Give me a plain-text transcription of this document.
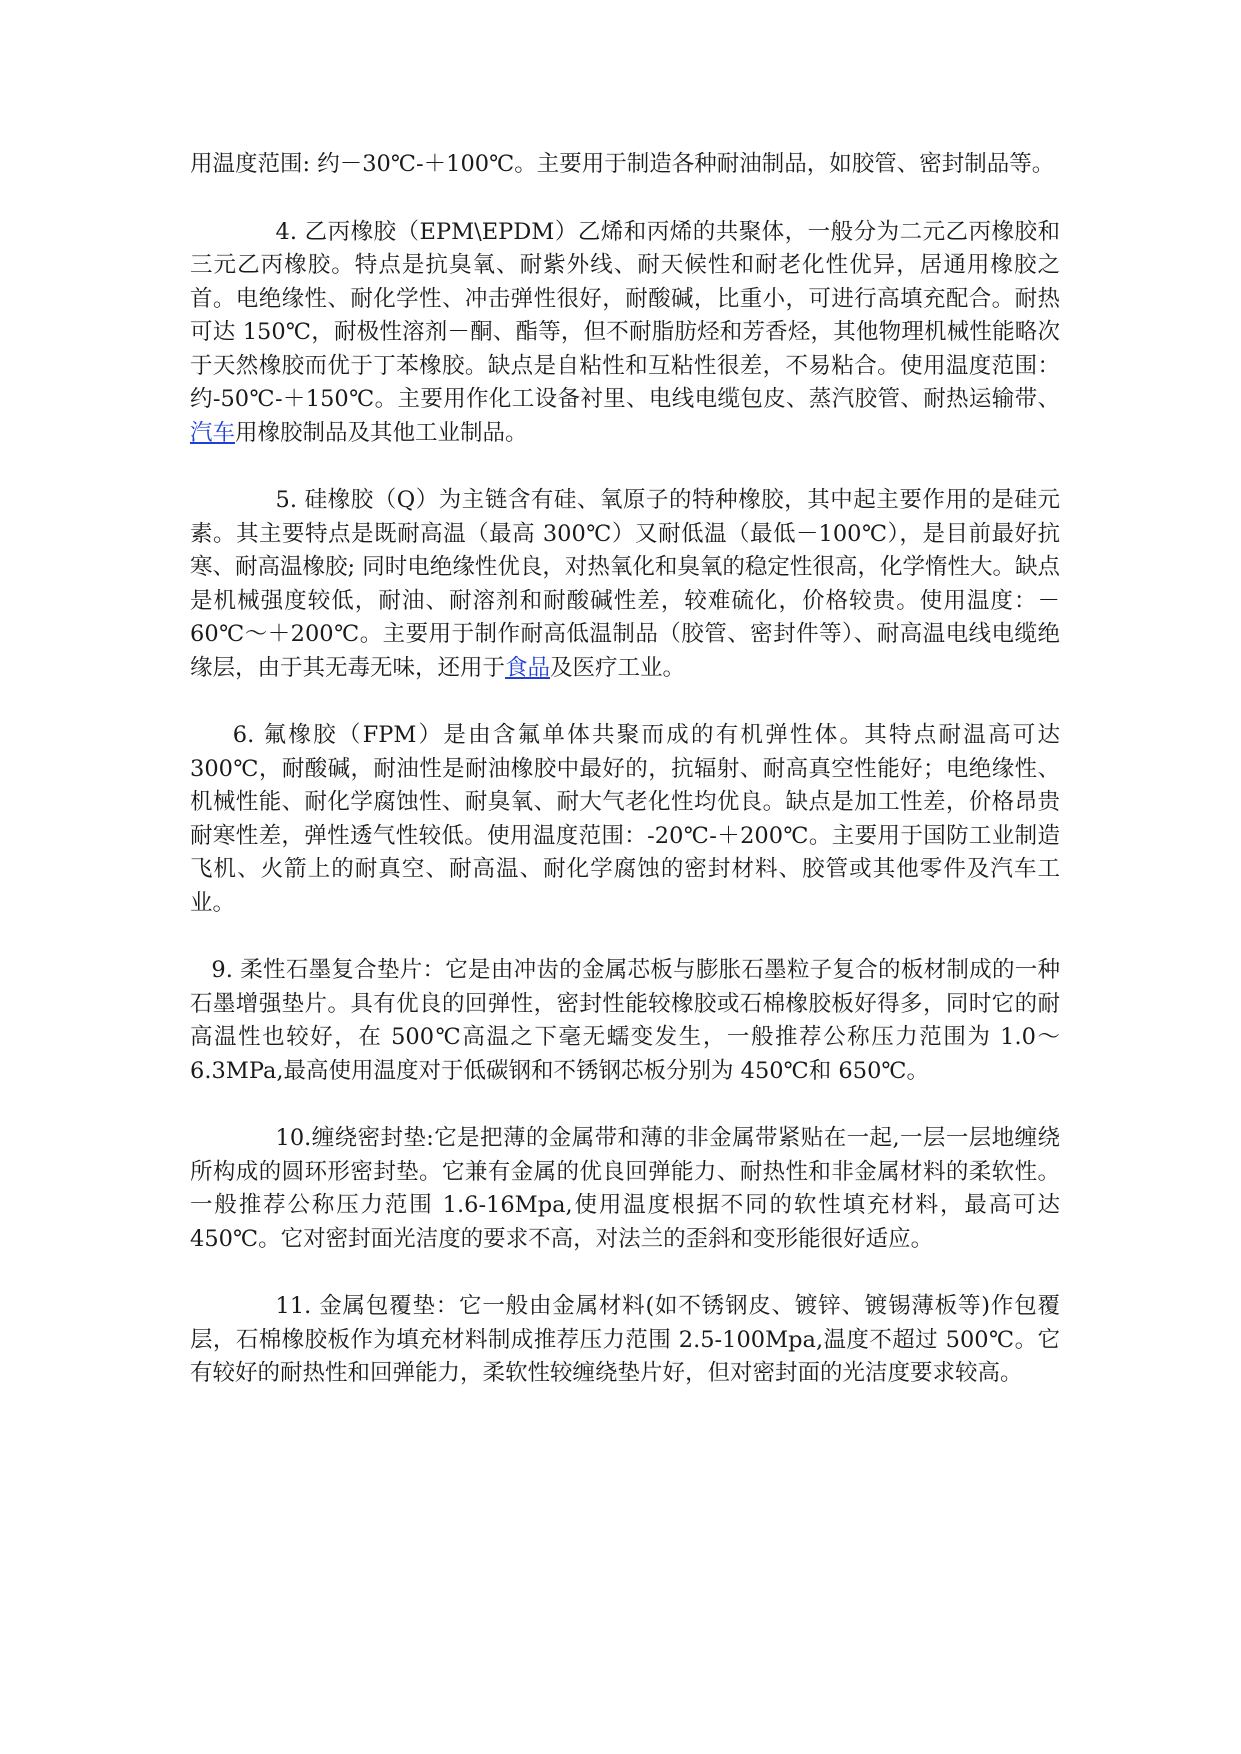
用温度范围: 约－30℃-＋100℃。主要用于制造各种耐油制品，如胶管、密封制品等。

4. 乙丙橡胶（EPM\EPDM）乙烯和丙烯的共聚体，一般分为二元乙丙橡胶和三元乙丙橡胶。特点是抗臭氧、耐紫外线、耐天候性和耐老化性优异，居通用橡胶之首。电绝缘性、耐化学性、冲击弹性很好，耐酸碱，比重小，可进行高填充配合。耐热可达 150℃，耐极性溶剂－酮、酯等，但不耐脂肪烃和芳香烃，其他物理机械性能略次于天然橡胶而优于丁苯橡胶。缺点是自粘性和互粘性很差，不易粘合。使用温度范围：约-50℃-＋150℃。主要用作化工设备衬里、电线电缆包皮、蒸汽胶管、耐热运输带、汽车用橡胶制品及其他工业制品。

5. 硅橡胶（Q）为主链含有硅、氧原子的特种橡胶，其中起主要作用的是硅元素。其主要特点是既耐高温（最高 300℃）又耐低温（最低－100℃），是目前最好抗寒、耐高温橡胶; 同时电绝缘性优良，对热氧化和臭氧的稳定性很高，化学惰性大。缺点是机械强度较低，耐油、耐溶剂和耐酸碱性差，较难硫化，价格较贵。使用温度：－60℃～＋200℃。主要用于制作耐高低温制品（胶管、密封件等）、耐高温电线电缆绝缘层，由于其无毒无味，还用于食品及医疗工业。

6. 氟橡胶（FPM）是由含氟单体共聚而成的有机弹性体。其特点耐温高可达 300℃，耐酸碱，耐油性是耐油橡胶中最好的，抗辐射、耐高真空性能好；电绝缘性、机械性能、耐化学腐蚀性、耐臭氧、耐大气老化性均优良。缺点是加工性差，价格昂贵耐寒性差，弹性透气性较低。使用温度范围：-20℃-＋200℃。主要用于国防工业制造飞机、火箭上的耐真空、耐高温、耐化学腐蚀的密封材料、胶管或其他零件及汽车工业。

9. 柔性石墨复合垫片：它是由冲齿的金属芯板与膨胀石墨粒子复合的板材制成的一种石墨增强垫片。具有优良的回弹性，密封性能较橡胶或石棉橡胶板好得多，同时它的耐高温性也较好，在 500℃高温之下毫无蠕变发生，一般推荐公称压力范围为 1.0～6.3MPa,最高使用温度对于低碳钢和不锈钢芯板分别为 450℃和 650℃。

10.缠绕密封垫:它是把薄的金属带和薄的非金属带紧贴在一起,一层一层地缠绕所构成的圆环形密封垫。它兼有金属的优良回弹能力、耐热性和非金属材料的柔软性。一般推荐公称压力范围 1.6-16Mpa,使用温度根据不同的软性填充材料，最高可达 450℃。它对密封面光洁度的要求不高，对法兰的歪斜和变形能很好适应。

11. 金属包覆垫：它一般由金属材料(如不锈钢皮、镀锌、镀锡薄板等)作包覆层，石棉橡胶板作为填充材料制成推荐压力范围 2.5-100Mpa,温度不超过 500℃。它有较好的耐热性和回弹能力，柔软性较缠绕垫片好，但对密封面的光洁度要求较高。
